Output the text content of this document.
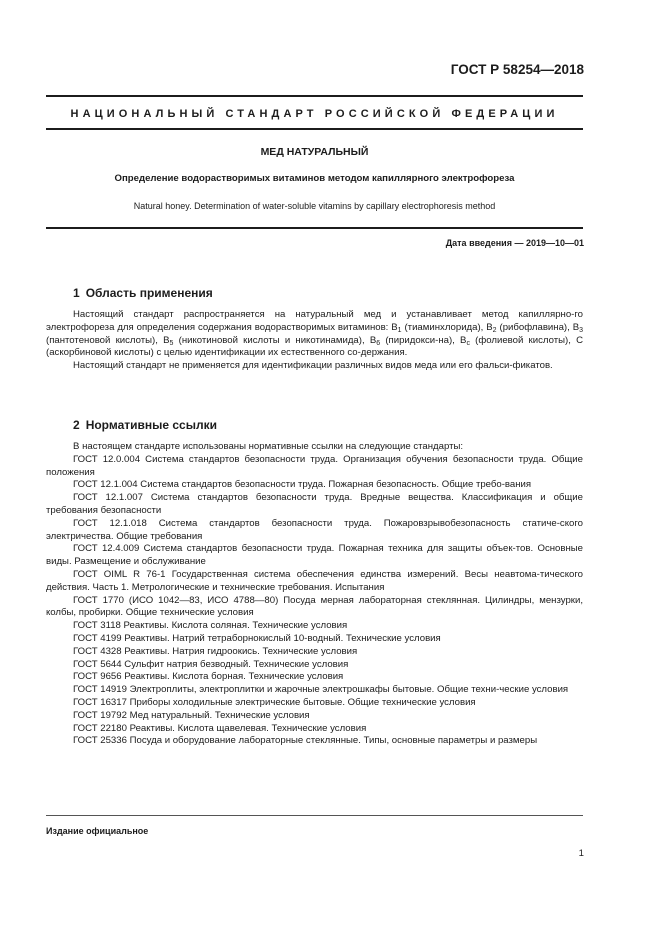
ГОСТ Р 58254—2018
НАЦИОНАЛЬНЫЙ СТАНДАРТ РОССИЙСКОЙ ФЕДЕРАЦИИ
МЕД НАТУРАЛЬНЫЙ
Определение водорастворимых витаминов методом капиллярного электрофореза
Natural honey. Determination of water-soluble vitamins by capillary electrophoresis method
Дата введения — 2019—10—01
1 Область применения

Настоящий стандарт распространяется на натуральный мед и устанавливает метод капиллярно-го электрофореза для определения содержания водорастворимых витаминов: $В_1$ (тиаминхлорида), $В_2$ (рибофлавина), $В_3$ (пантотеновой кислоты), $В_5$ (никотиновой кислоты и никотинамида), $В_6$ (пиридокси-на), $В_c$ (фолиевой кислоты), С (аскорбиновой кислоты) с целью идентификации их естественного со-держания.

Настоящий стандарт не применяется для идентификации различных видов меда или его фальси-фикатов.

2 Нормативные ссылки

В настоящем стандарте использованы нормативные ссылки на следующие стандарты:

ГОСТ 12.0.004 Система стандартов безопасности труда. Организация обучения безопасности труда. Общие положения

ГОСТ 12.1.004 Система стандартов безопасности труда. Пожарная безопасность. Общие требо-вания

ГОСТ 12.1.007 Система стандартов безопасности труда. Вредные вещества. Классификация и общие требования безопасности

ГОСТ 12.1.018 Система стандартов безопасности труда. Пожаровзрывобезопасность статиче-ского электричества. Общие требования

ГОСТ 12.4.009 Система стандартов безопасности труда. Пожарная техника для защиты объек-тов. Основные виды. Размещение и обслуживание

ГОСТ OIML R 76-1 Государственная система обеспечения единства измерений. Весы неавтома-тического действия. Часть 1. Метрологические и технические требования. Испытания

ГОСТ 1770 (ИСО 1042—83, ИСО 4788—80) Посуда мерная лабораторная стеклянная. Цилиндры, мензурки, колбы, пробирки. Общие технические условия

ГОСТ 3118 Реактивы. Кислота соляная. Технические условия

ГОСТ 4199 Реактивы. Натрий тетраборнокислый 10-водный. Технические условия

ГОСТ 4328 Реактивы. Натрия гидроокись. Технические условия

ГОСТ 5644 Сульфит натрия безводный. Технические условия

ГОСТ 9656 Реактивы. Кислота борная. Технические условия

ГОСТ 14919 Электроплиты, электроплитки и жарочные электрошкафы бытовые. Общие техни-ческие условия

ГОСТ 16317 Приборы холодильные электрические бытовые. Общие технические условия

ГОСТ 19792 Мед натуральный. Технические условия

ГОСТ 22180 Реактивы. Кислота щавелевая. Технические условия

ГОСТ 25336 Посуда и оборудование лабораторные стеклянные. Типы, основные параметры и размеры

Издание официальное
1
